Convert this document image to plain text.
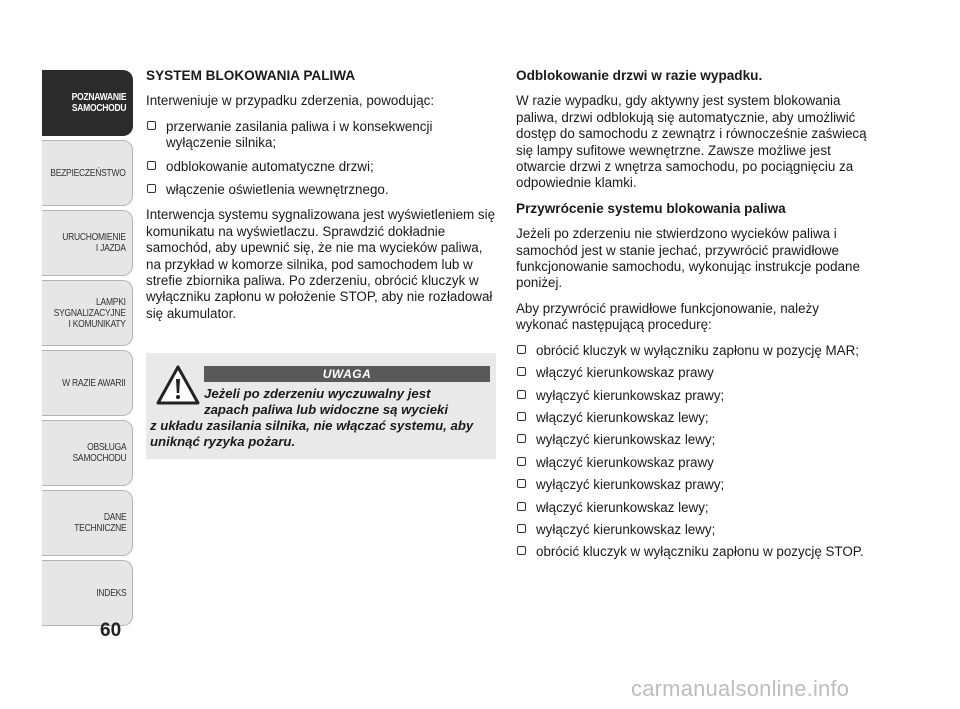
POZNAWANIE
SAMOCHODU
BEZPIECZEŃSTWO
URUCHOMIENIE
I JAZDA
LAMPKI
SYGNALIZACYJNE
I KOMUNIKATY
W RAZIE AWARII
OBSŁUGA
SAMOCHODU
DANE
TECHNICZNE
INDEKS
60
SYSTEM BLOKOWANIA PALIWA

Interweniuje w przypadku zderzenia, powodując:

przerwanie zasilania paliwa i w konsekwencji wyłączenie silnika;
odblokowanie automatyczne drzwi;
włączenie oświetlenia wewnętrznego.

Interwencja systemu sygnalizowana jest wyświetleniem się komunikatu na wyświetlaczu. Sprawdzić dokładnie samochód, aby upewnić się, że nie ma wycieków paliwa, na przykład w komorze silnika, pod samochodem lub w strefie zbiornika paliwa. Po zderzeniu, obrócić kluczyk w wyłączniku zapłonu w położenie STOP, aby nie rozładował się akumulator.

UWAGA
Jeżeli po zderzeniu wyczuwalny jest
zapach paliwa lub widoczne są wycieki
z układu zasilania silnika, nie włączać systemu, aby uniknąć ryzyka pożaru.
Odblokowanie drzwi w razie wypadku.

W razie wypadku, gdy aktywny jest system blokowania paliwa, drzwi odblokują się automatycznie, aby umożliwić dostęp do samochodu z zewnątrz i równocześnie zaświecą się lampy sufitowe wewnętrzne. Zawsze możliwe jest otwarcie drzwi z wnętrza samochodu, po pociągnięciu za odpowiednie klamki.

Przywrócenie systemu blokowania paliwa

Jeżeli po zderzeniu nie stwierdzono wycieków paliwa i samochód jest w stanie jechać, przywrócić prawidłowe funkcjonowanie samochodu, wykonując instrukcje podane poniżej.

Aby przywrócić prawidłowe funkcjonowanie, należy wykonać następującą procedurę:

obrócić kluczyk w wyłączniku zapłonu w pozycję MAR;
włączyć kierunkowskaz prawy
wyłączyć kierunkowskaz prawy;
włączyć kierunkowskaz lewy;
wyłączyć kierunkowskaz lewy;
włączyć kierunkowskaz prawy
wyłączyć kierunkowskaz prawy;
włączyć kierunkowskaz lewy;
wyłączyć kierunkowskaz lewy;
obrócić kluczyk w wyłączniku zapłonu w pozycję STOP.
carmanualsonline.info
